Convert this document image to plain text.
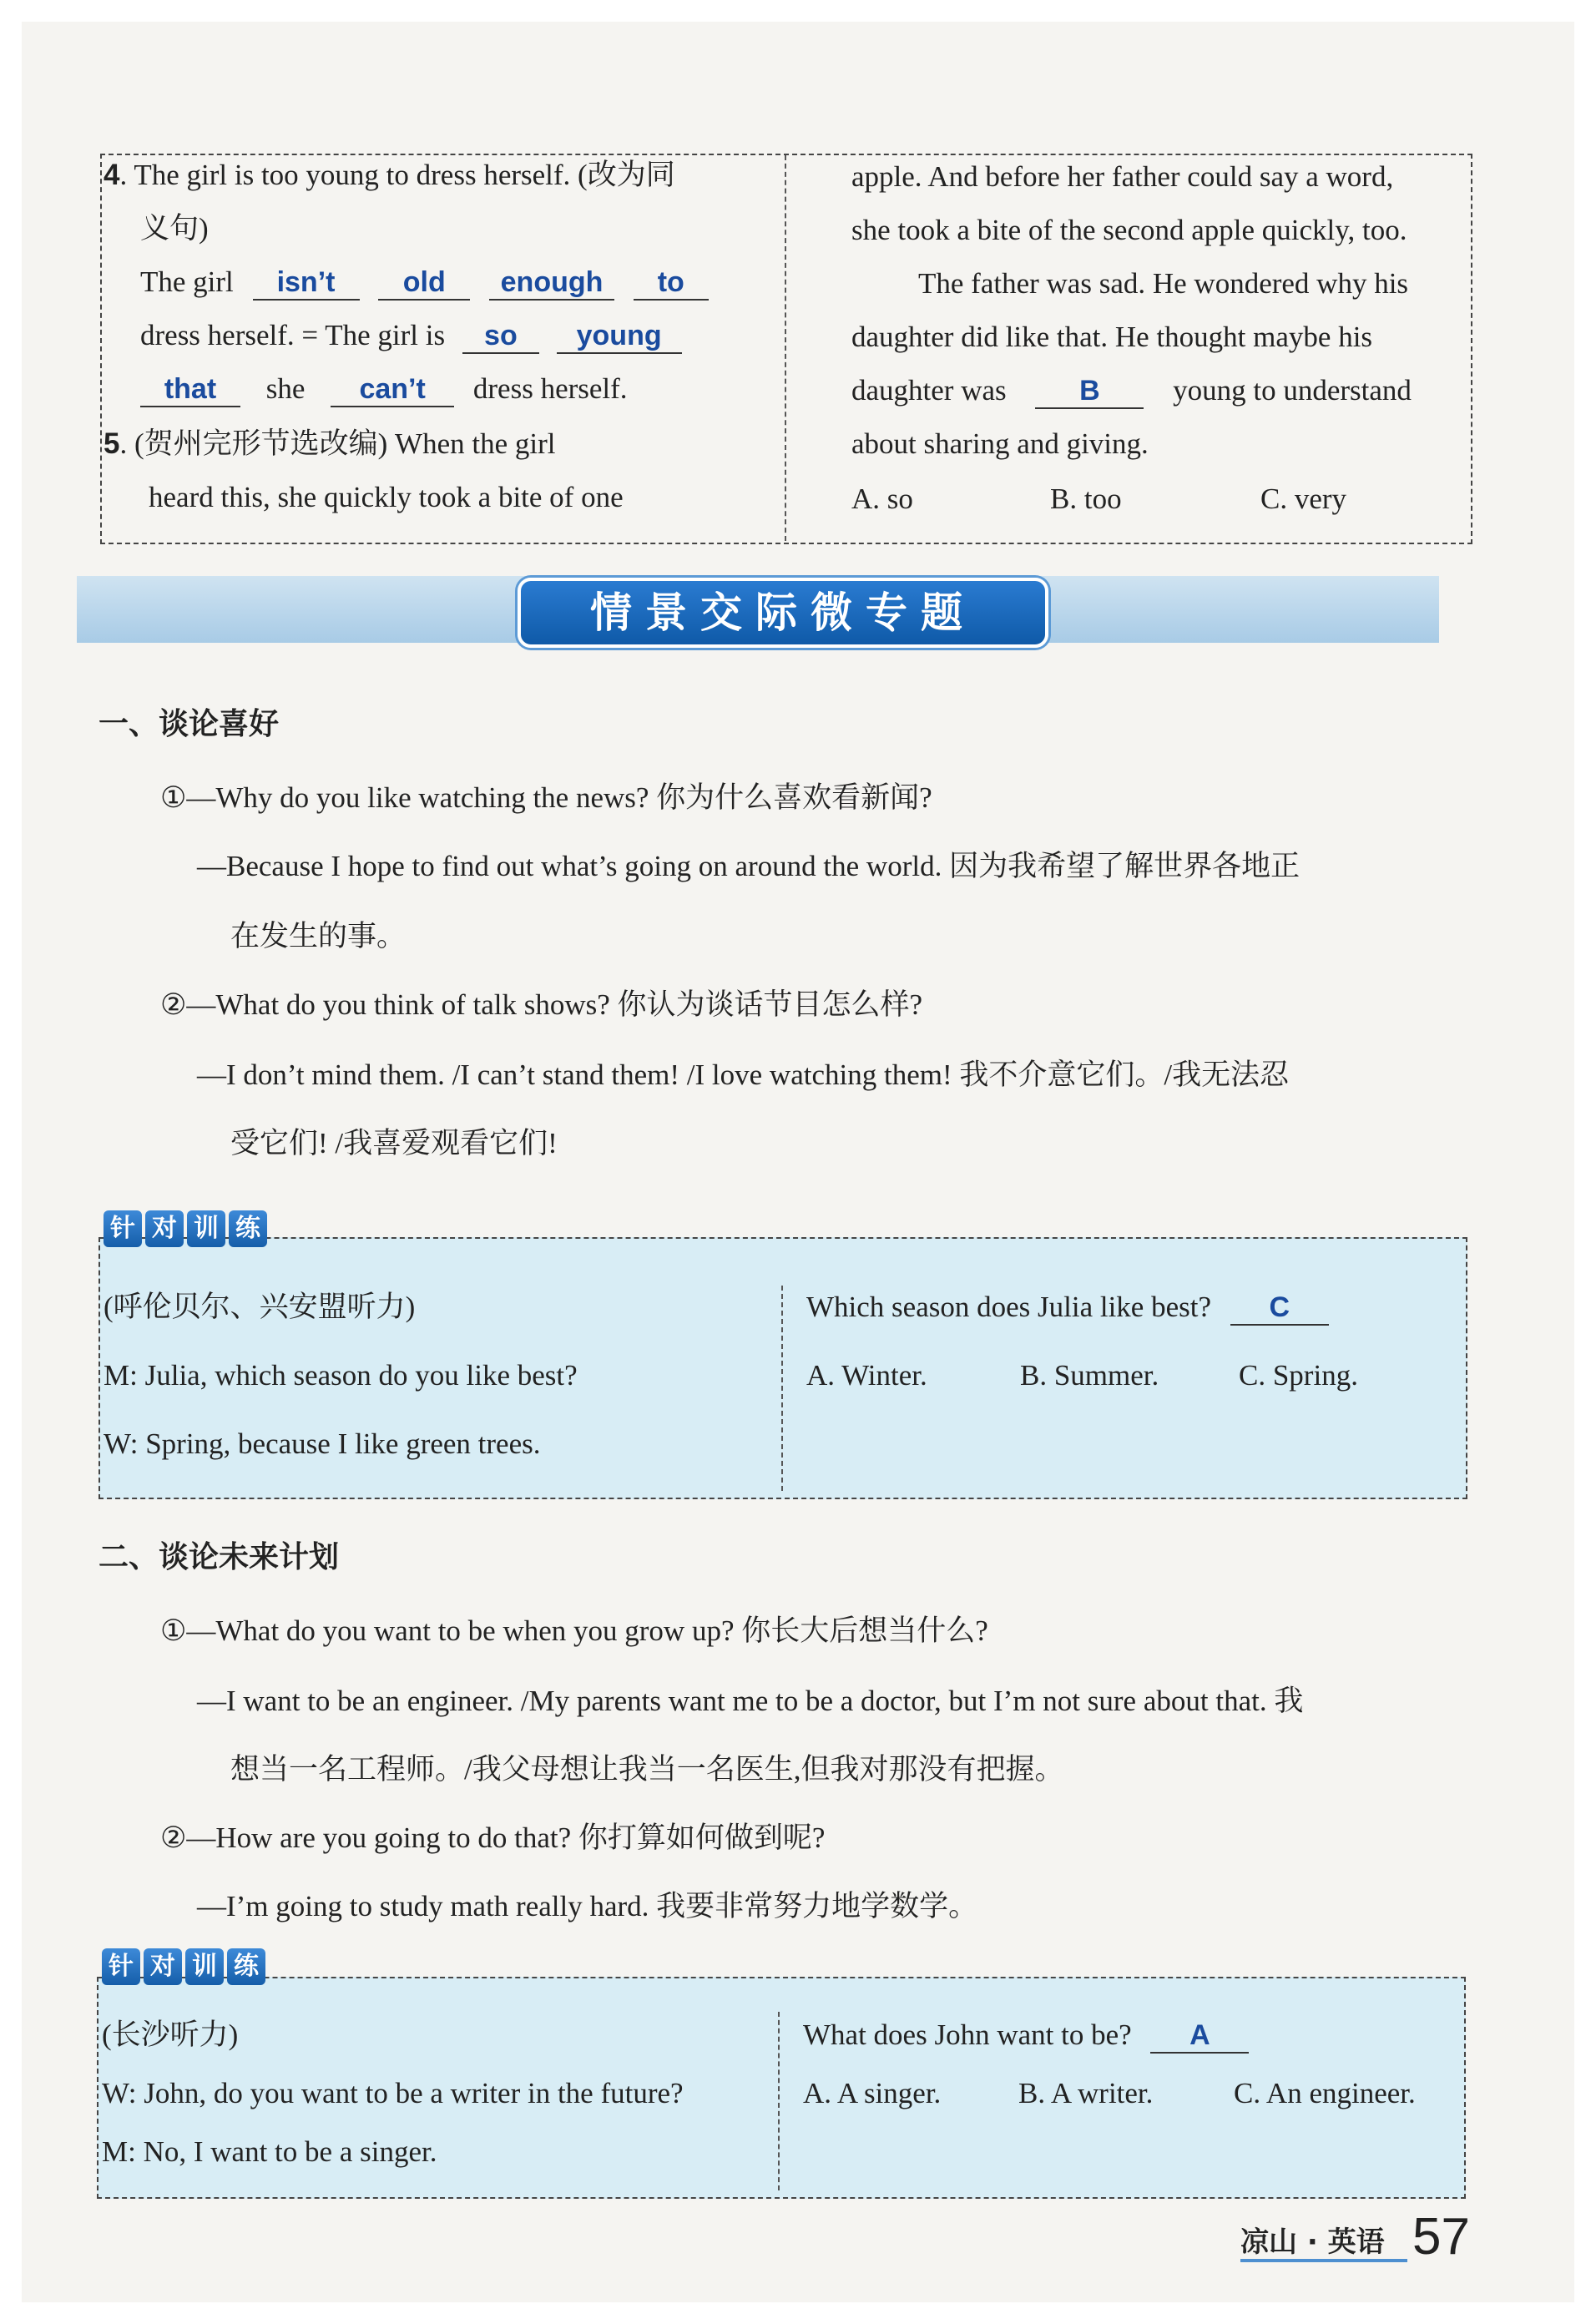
4. The girl is too young to dress herself. (改为同
义句)
The girl isn’t old enough to
dress herself. = The girl is so young
that she can’t dress herself.
5. (贺州完形节选改编) When the girl
heard this, she quickly took a bite of one
apple. And before her father could say a word,
she took a bite of the second apple quickly, too.
The father was sad. He wondered why his
daughter did like that. He thought maybe his
daughter was	B young to understand
about sharing and giving.
A. so	B. too	C. very
情景交际微专题
一、谈论喜好
①—Why do you like watching the news? 你为什么喜欢看新闻?
—Because I hope to find out what’s going on around the world. 因为我希望了解世界各地正
在发生的事。
②—What do you think of talk shows? 你认为谈话节目怎么样?
—I don’t mind them. /I can’t stand them! /I love watching them! 我不介意它们。/我无法忍
受它们! /我喜爱观看它们!
针 对 训 练
(呼伦贝尔、兴安盟听力)
M: Julia, which season do you like best?
W: Spring, because I like green trees.
Which season does Julia like best? C
A. Winter.	B. Summer.	C. Spring.
二、谈论未来计划
①—What do you want to be when you grow up? 你长大后想当什么?
—I want to be an engineer. /My parents want me to be a doctor, but I’m not sure about that. 我
想当一名工程师。/我父母想让我当一名医生,但我对那没有把握。
②—How are you going to do that? 你打算如何做到呢?
—I’m going to study math really hard. 我要非常努力地学数学。
针 对 训 练
(长沙听力)
W: John, do you want to be a writer in the future?
M: No, I want to be a singer.
What does John want to be? A
A. A singer.	B. A writer.	C. An engineer.
凉山 · 英语 57
